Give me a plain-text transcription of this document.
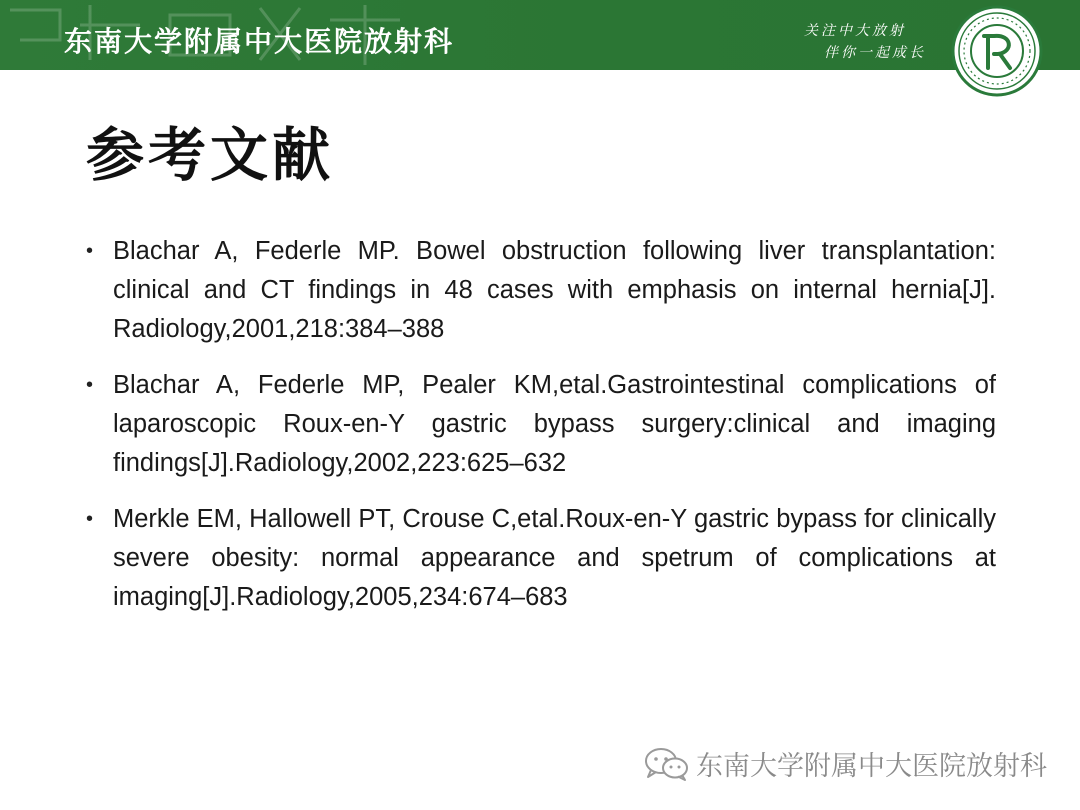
东南大学附属中大医院放射科	关注中大放射
伴你一起成长
参考文献
• Blachar A, Federle MP. Bowel obstruction following liver transplantation: clinical and CT findings in 48 cases with emphasis on internal hernia[J]. Radiology,2001,218:384–388
• Blachar A, Federle MP, Pealer KM,etal.Gastrointestinal complications of laparoscopic Roux-en-Y gastric bypass surgery:clinical and imaging findings[J].Radiology,2002,223:625–632
• Merkle EM, Hallowell PT, Crouse C,etal.Roux-en-Y gastric bypass for clinically severe obesity: normal appearance and spetrum of complications at imaging[J].Radiology,2005,234:674–683
东南大学附属中大医院放射科
